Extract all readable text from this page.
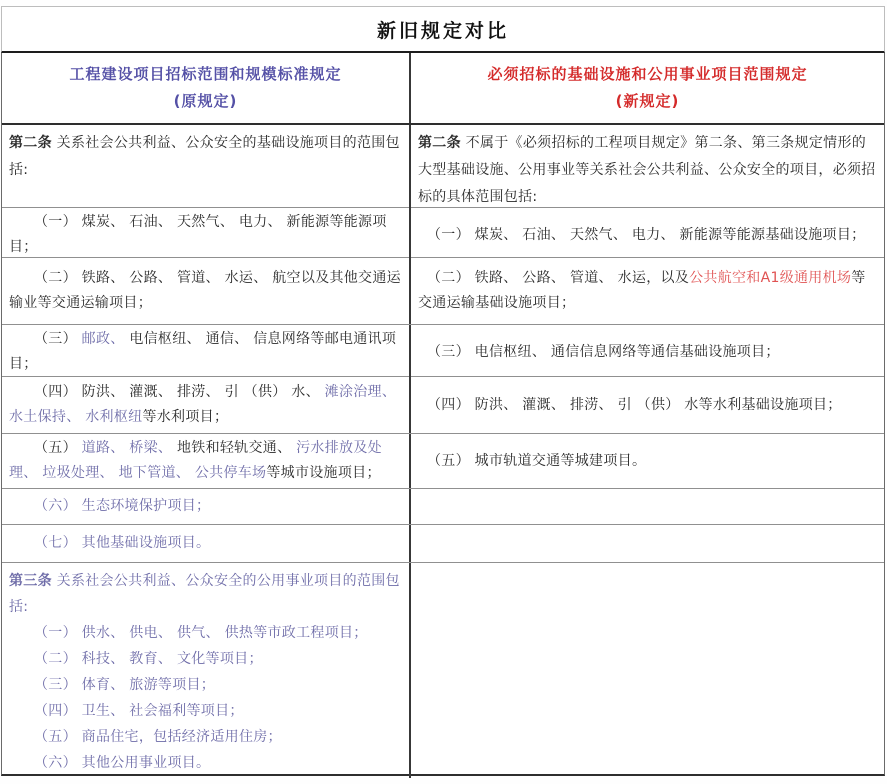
新旧规定对比

工程建设项目招标范围和规模标准规定

(原规定)

必须招标的基础设施和公用事业项目范围规定

(新规定)

第二条 关系社会公共利益、公众安全的基础设施项目的范围包括:

第二条 不属于《必须招标的工程项目规定》第二条、第三条规定情形的大型基础设施、公用事业等关系社会公共利益、公众安全的项目，必须招标的具体范围包括:

（一） 煤炭、 石油、 天然气、 电力、 新能源等能源项目；

（一） 煤炭、 石油、 天然气、 电力、 新能源等能源基础设施项目；

（二） 铁路、 公路、 管道、 水运、 航空以及其他交通运输业等交通运输项目；

（二） 铁路、 公路、 管道、 水运，以及公共航空和A1级通用机场等交通运输基础设施项目；

（三） 邮政、 电信枢纽、 通信、 信息网络等邮电通讯项目；

（三） 电信枢纽、 通信信息网络等通信基础设施项目；

（四） 防洪、 灌溉、 排涝、 引 （供） 水、 滩涂治理、 水土保持、 水利枢纽等水利项目；

（四） 防洪、 灌溉、 排涝、 引 （供） 水等水利基础设施项目；

（五） 道路、 桥梁、 地铁和轻轨交通、 污水排放及处理、 垃圾处理、 地下管道、 公共停车场等城市设施项目；

（五） 城市轨道交通等城建项目。

（六） 生态环境保护项目；

（七） 其他基础设施项目。

第三条 关系社会公共利益、公众安全的公用事业项目的范围包括:

（一） 供水、 供电、 供气、 供热等市政工程项目；

（二） 科技、 教育、 文化等项目；

（三） 体育、 旅游等项目；

（四） 卫生、 社会福利等项目；

（五） 商品住宅，包括经济适用住房；

（六） 其他公用事业项目。
